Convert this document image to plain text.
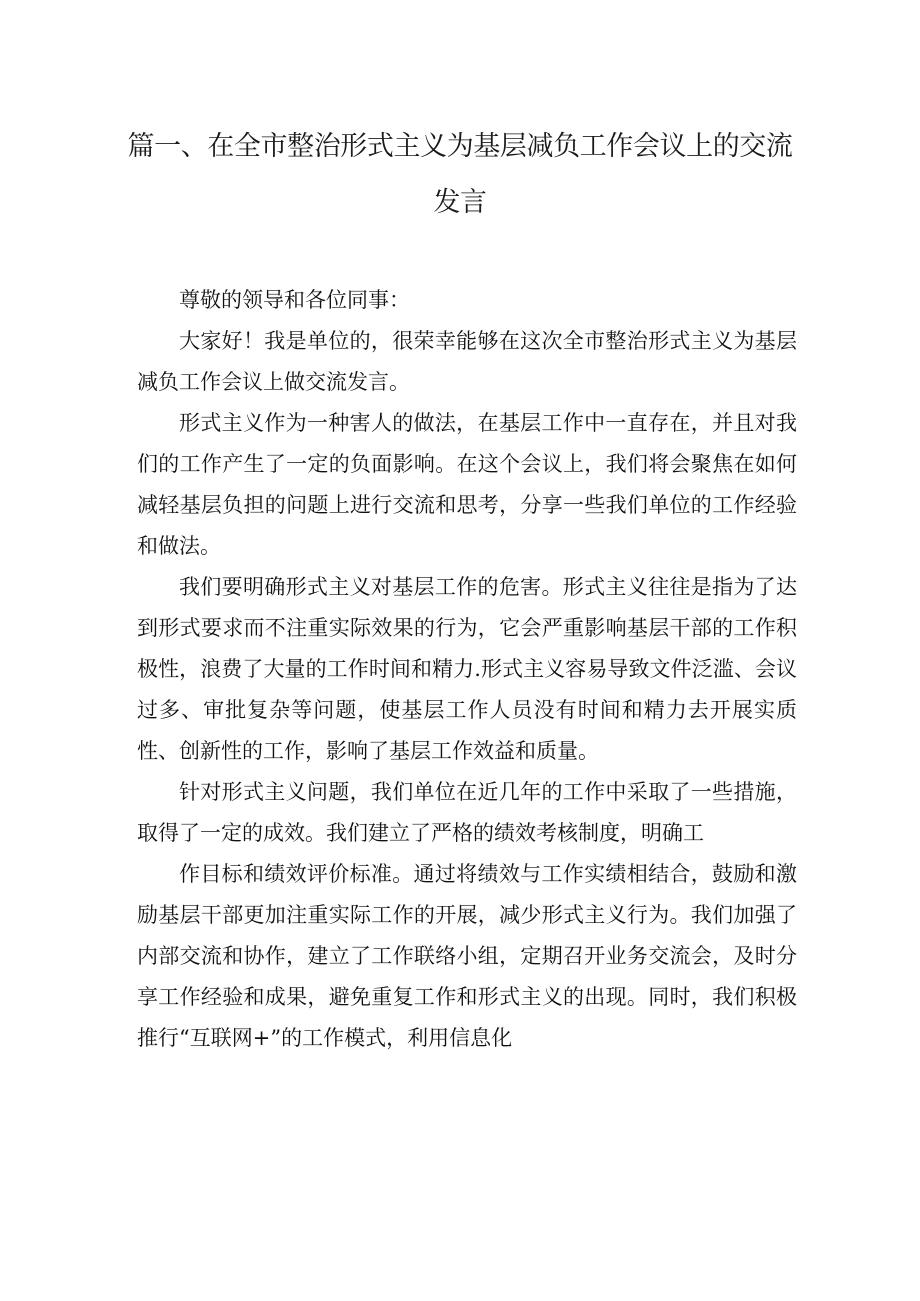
篇一、在全市整治形式主义为基层减负工作会议上的交流
发言

尊敬的领导和各位同事：

大家好！我是单位的，很荣幸能够在这次全市整治形式主义为基层减负工作会议上做交流发言。

形式主义作为一种害人的做法，在基层工作中一直存在，并且对我们的工作产生了一定的负面影响。在这个会议上，我们将会聚焦在如何减轻基层负担的问题上进行交流和思考，分享一些我们单位的工作经验和做法。

我们要明确形式主义对基层工作的危害。形式主义往往是指为了达到形式要求而不注重实际效果的行为，它会严重影响基层干部的工作积极性，浪费了大量的工作时间和精力.形式主义容易导致文件泛滥、会议过多、审批复杂等问题，使基层工作人员没有时间和精力去开展实质性、创新性的工作，影响了基层工作效益和质量。

针对形式主义问题，我们单位在近几年的工作中采取了一些措施，取得了一定的成效。我们建立了严格的绩效考核制度，明确工

作目标和绩效评价标准。通过将绩效与工作实绩相结合，鼓励和激励基层干部更加注重实际工作的开展，减少形式主义行为。我们加强了内部交流和协作，建立了工作联络小组，定期召开业务交流会，及时分享工作经验和成果，避免重复工作和形式主义的出现。同时，我们积极推行“互联网+”的工作模式，利用信息化
